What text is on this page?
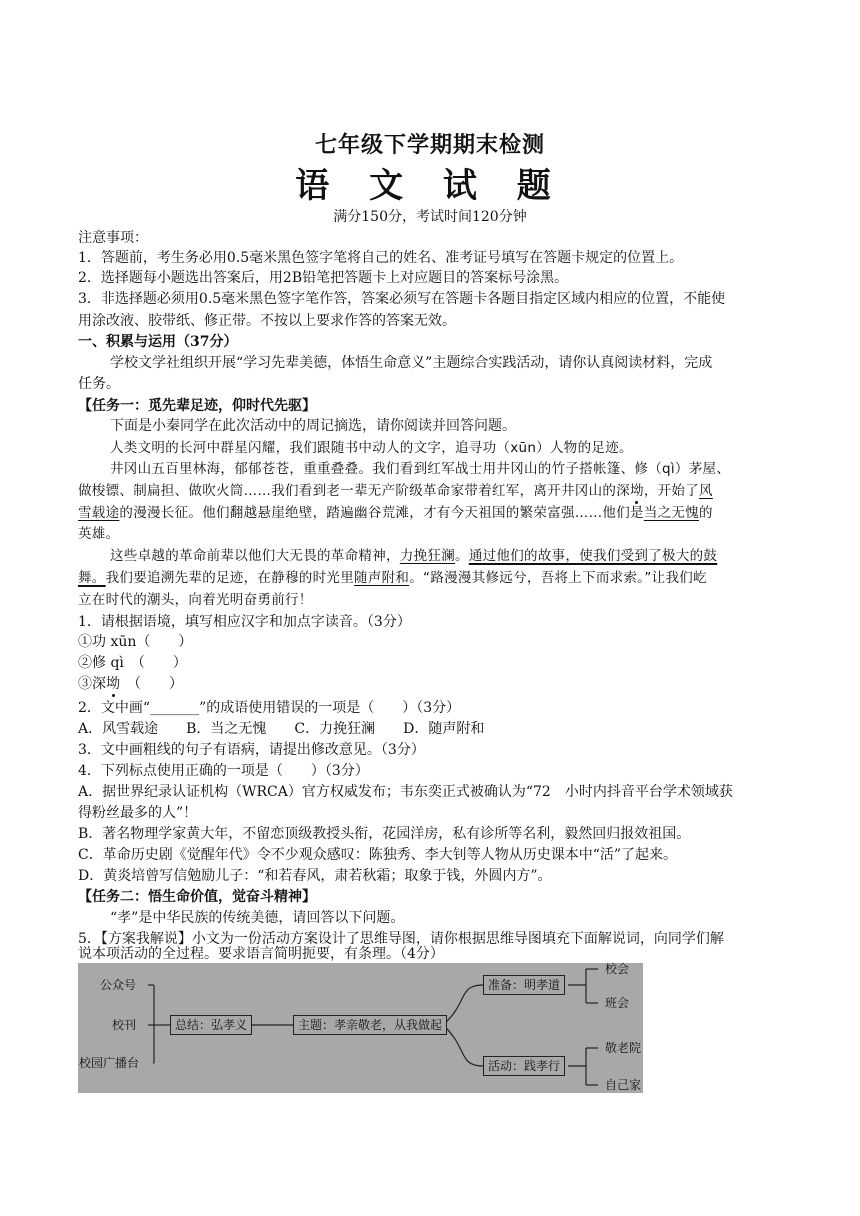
七年级下学期期末检测
语 文 试 题
满分150分，考试时间120分钟
注意事项：
1．答题前，考生务必用0.5毫米黑色签字笔将自己的姓名、准考证号填写在答题卡规定的位置上。
2．选择题每小题选出答案后，用2B铅笔把答题卡上对应题目的答案标号涂黑。
3．非选择题必须用0.5毫米黑色签字笔作答，答案必须写在答题卡各题目指定区域内相应的位置，不能使
用涂改液、胶带纸、修正带。不按以上要求作答的答案无效。
一、积累与运用（37分）
学校文学社组织开展“学习先辈美德，体悟生命意义”主题综合实践活动，请你认真阅读材料，完成
任务。
【任务一：觅先辈足迹，仰时代先驱】
下面是小秦同学在此次活动中的周记摘选，请你阅读并回答问题。
人类文明的长河中群星闪耀，我们跟随书中动人的文字，追寻功（xūn）人物的足迹。
井冈山五百里林海，郁郁苍苍，重重叠叠。我们看到红军战士用井冈山的竹子搭帐篷、修（qì）茅屋、
做梭镖、制扁担、做吹火筒……我们看到老一辈无产阶级革命家带着红军，离开井冈山的深坳，开始了风
雪载途的漫漫长征。他们翻越悬崖绝壁，踏遍幽谷荒滩，才有今天祖国的繁荣富强……他们是当之无愧的
英雄。
这些卓越的革命前辈以他们大无畏的革命精神，力挽狂澜。通过他们的故事，使我们受到了极大的鼓
舞。我们要追溯先辈的足迹，在静穆的时光里随声附和。“路漫漫其修远兮，吾将上下而求索。”让我们屹
立在时代的潮头，向着光明奋勇前行！
1．请根据语境，填写相应汉字和加点字读音。（3分）
①功 xūn（　　）
②修 qì　（　　）
③深坳　（　　）
2．文中画“_______”的成语使用错误的一项是（　　）（3分）
A．风雪载途　　B．当之无愧　　C．力挽狂澜　　D．随声附和
3．文中画粗线的句子有语病，请提出修改意见。（3分）
4．下列标点使用正确的一项是（　　）（3分）
A．据世界纪录认证机构（WRCA）官方权威发布；韦东奕正式被确认为“72　小时内抖音平台学术领域获
得粉丝最多的人”！
B．著名物理学家黄大年，不留恋顶级教授头衔，花园洋房，私有诊所等名利，毅然回归报效祖国。
C．革命历史剧《觉醒年代》令不少观众感叹：陈独秀、李大钊等人物从历史课本中“活”了起来。
D．黄炎培曾写信勉励儿子：“和若春风，肃若秋霜；取象于钱，外圆内方”。
【任务二：悟生命价值，觉奋斗精神】
“孝”是中华民族的传统美德，请回答以下问题。
5．【方案我解说】小文为一份活动方案设计了思维导图，请你根据思维导图填充下面解说词，向同学们解
公众号
校刊
校园广播台
总结：弘孝义	主题：孝亲敬老，从我做起
准备：明孝道
活动：践孝行
校会
班会
敬老院
自己家
说本项活动的全过程。要求语言简明扼要，有条理。（4分）
